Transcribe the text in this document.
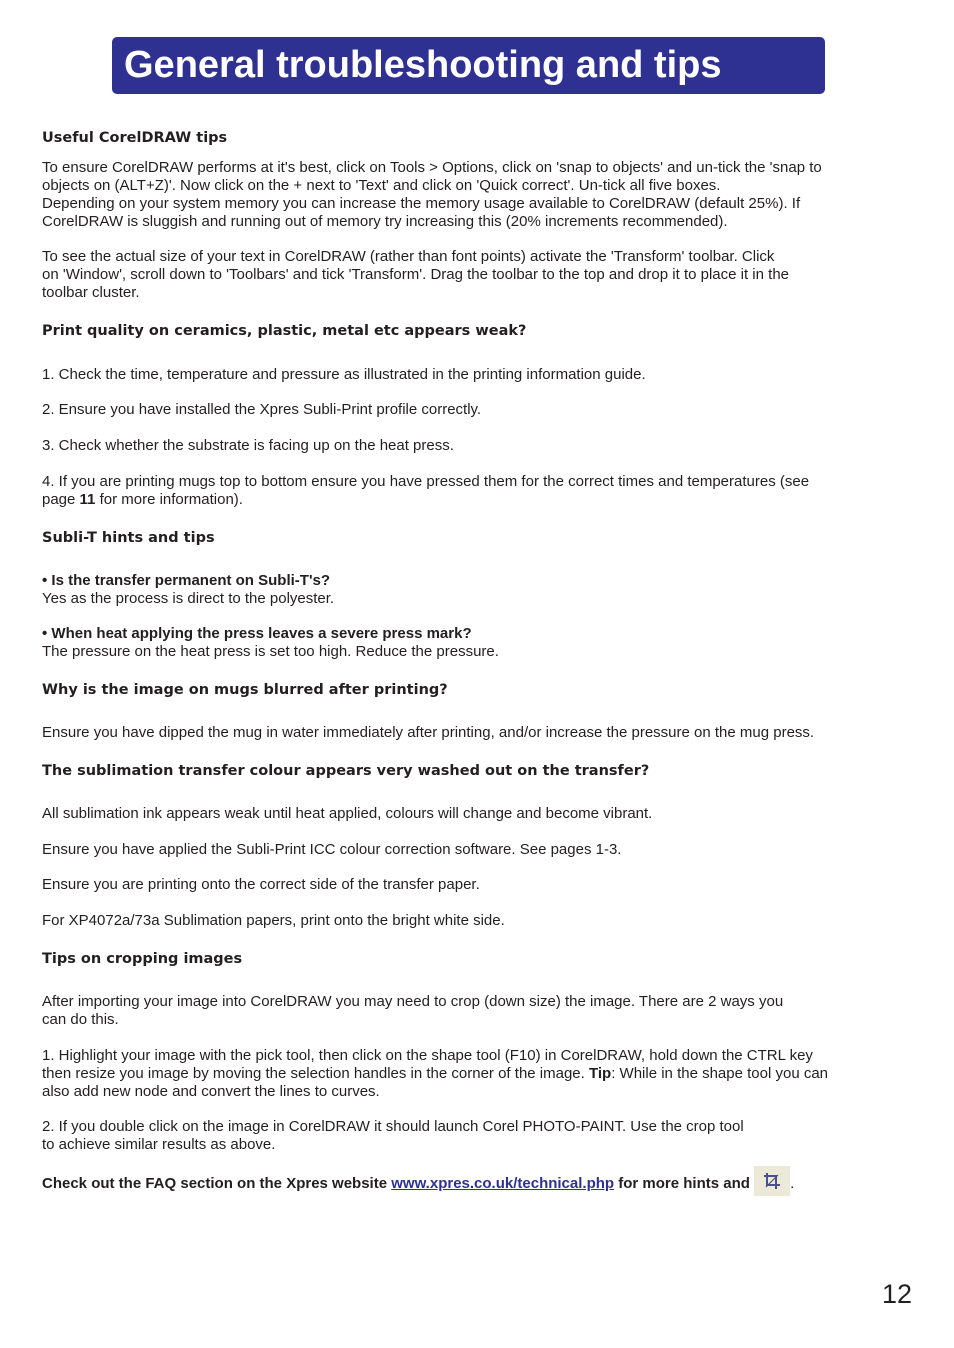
General troubleshooting and tips
Useful CorelDRAW tips
To ensure CorelDRAW performs at it's best, click on Tools > Options, click on 'snap to objects' and un-tick the 'snap to
objects on (ALT+Z)'. Now click on the + next to 'Text' and click on 'Quick correct'. Un-tick all five boxes.
Depending on your system memory you can increase the memory usage available to CorelDRAW (default 25%). If
CorelDRAW is sluggish and running out of memory try increasing this (20% increments recommended).
To see the actual size of your text in CorelDRAW (rather than font points) activate the 'Transform' toolbar. Click
on 'Window', scroll down to 'Toolbars' and tick 'Transform'. Drag the toolbar to the top and drop it to place it in the
toolbar cluster.
Print quality on ceramics, plastic, metal etc appears weak?
1. Check the time, temperature and pressure as illustrated in the printing information guide.
2. Ensure you have installed the Xpres Subli-Print profile correctly.
3. Check whether the substrate is facing up on the heat press.
4. If you are printing mugs top to bottom ensure you have pressed them for the correct times and temperatures (see
page 11 for more information).
Subli-T hints and tips
• Is the transfer permanent on Subli-T's?
Yes as the process is direct to the polyester.
• When heat applying the press leaves a severe press mark?
The pressure on the heat press is set too high. Reduce the pressure.
Why is the image on mugs blurred after printing?
Ensure you have dipped the mug in water immediately after printing, and/or increase the pressure on the mug press.
The sublimation transfer colour appears very washed out on the transfer?
All sublimation ink appears weak until heat applied, colours will change and become vibrant.
Ensure you have applied the Subli-Print ICC colour correction software. See pages 1-3.
Ensure you are printing onto the correct side of the transfer paper.
For XP4072a/73a Sublimation papers, print onto the bright white side.
Tips on cropping images
After importing your image into CorelDRAW you may need to crop (down size) the image. There are 2 ways you
can do this.
1. Highlight your image with the pick tool, then click on the shape tool (F10) in CorelDRAW, hold down the CTRL key
then resize you image by moving the selection handles in the corner of the image. Tip: While in the shape tool you can
also add new node and convert the lines to curves.
2. If you double click on the image in CorelDRAW it should launch Corel PHOTO-PAINT. Use the crop tool
to achieve similar results as above.
Check out the FAQ section on the Xpres website www.xpres.co.uk/technical.php for more hints and	.
12
